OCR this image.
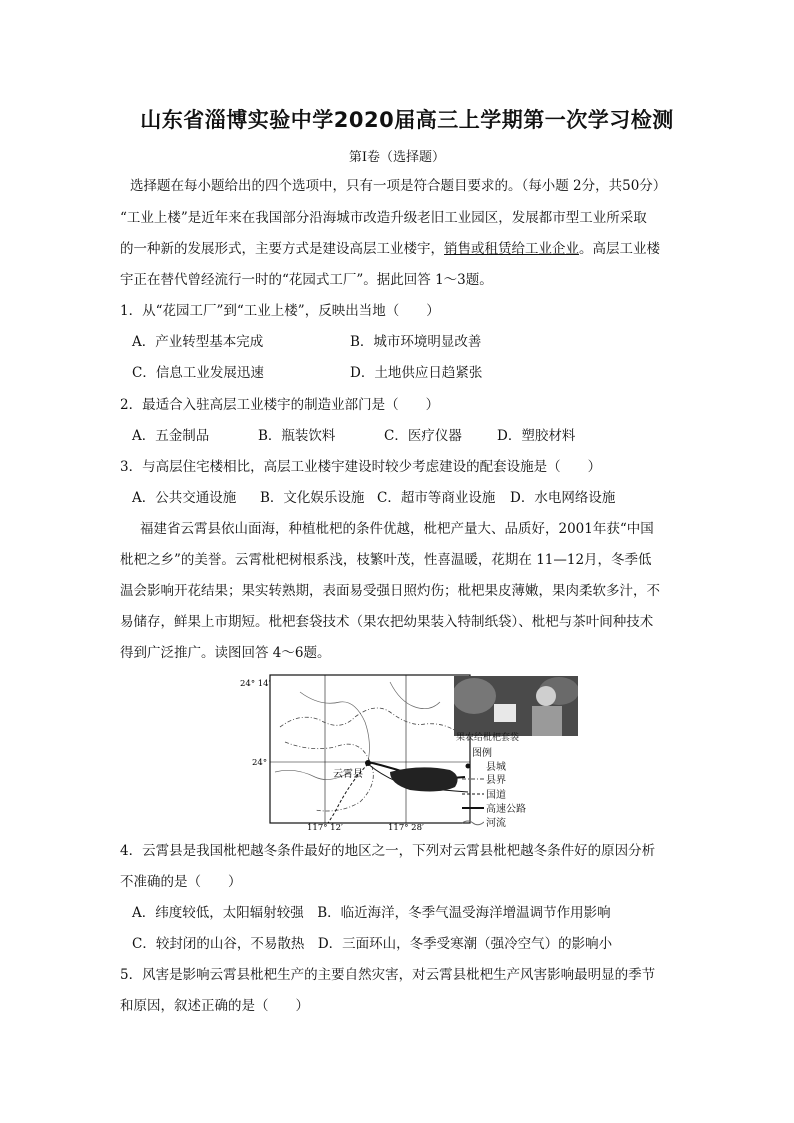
山东省淄博实验中学2020届高三上学期第一次学习检测
第Ⅰ卷（选择题）
选择题在每小题给出的四个选项中，只有一项是符合题目要求的。（每小题 2分，共50分）
“工业上楼”是近年来在我国部分沿海城市改造升级老旧工业园区，发展都市型工业所采取
的一种新的发展形式，主要方式是建设高层工业楼宇，销售或租赁给工业企业。高层工业楼
宇正在替代曾经流行一时的“花园式工厂”。据此回答 1～3题。
1．从“花园工厂”到“工业上楼”，反映出当地（　　）
A．产业转型基本完成	B．城市环境明显改善
C．信息工业发展迅速	D．土地供应日趋紧张
2．最适合入驻高层工业楼宇的制造业部门是（　　）
A．五金制品	B．瓶装饮料	C．医疗仪器	D．塑胶材料
3．与高层住宅楼相比，高层工业楼宇建设时较少考虑建设的配套设施是（　　）
A．公共交通设施 B．文化娱乐设施 C．超市等商业设施 D．水电网络设施
福建省云霄县依山面海，种植枇杷的条件优越，枇杷产量大、品质好，2001年获“中国
枇杷之乡”的美誉。云霄枇杷树根系浅，枝繁叶茂，性喜温暖，花期在 11—12月，冬季低
温会影响开花结果；果实转熟期，表面易受强日照灼伤；枇杷果皮薄嫩，果肉柔软多汁，不
易储存，鲜果上市期短。枇杷套袋技术（果农把幼果装入特制纸袋）、枇杷与茶叶间种技术
得到广泛推广。读图回答 4～6题。
云霄县
24° 14′
24°
117° 12′	117° 28′
果农给枇杷套袋
图例
县城
县界
国道
高速公路
河流
4．云霄县是我国枇杷越冬条件最好的地区之一，下列对云霄县枇杷越冬条件好的原因分析
不准确的是（　　）
A．纬度较低，太阳辐射较强　B．临近海洋，冬季气温受海洋增温调节作用影响
C．较封闭的山谷，不易散热　D．三面环山，冬季受寒潮（强冷空气）的影响小
5．风害是影响云霄县枇杷生产的主要自然灾害，对云霄县枇杷生产风害影响最明显的季节
和原因，叙述正确的是（　　）
